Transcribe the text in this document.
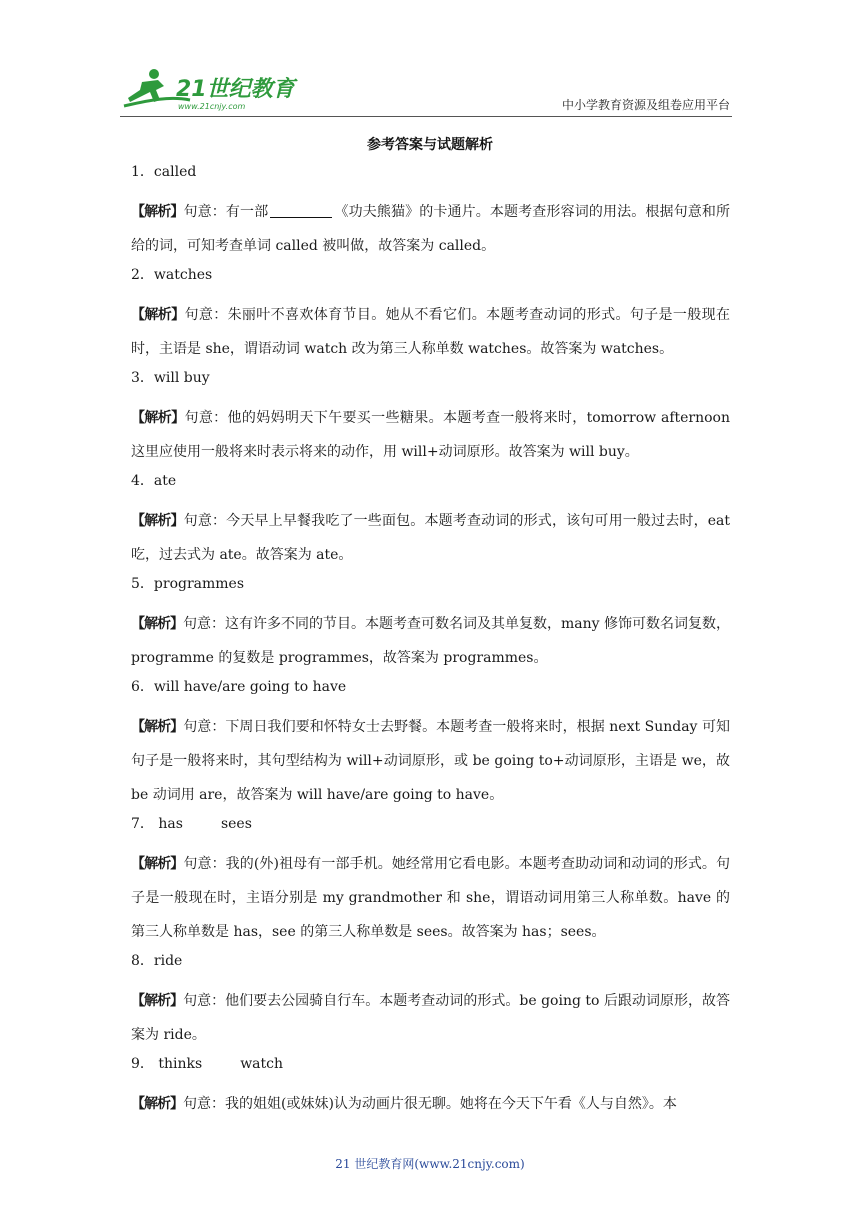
21世纪教育
www.21cnjy.com	中小学教育资源及组卷应用平台
参考答案与试题解析
1．called
【解析】句意：有一部	《功夫熊猫》的卡通片。本题考查形容词的用法。根据句意和所给的词，可知考查单词 called 被叫做，故答案为 called。
2．watches
【解析】句意：朱丽叶不喜欢体育节目。她从不看它们。本题考查动词的形式。句子是一般现在时，主语是 she，谓语动词 watch 改为第三人称单数 watches。故答案为 watches。
3．will buy
【解析】句意：他的妈妈明天下午要买一些糖果。本题考查一般将来时，tomorrow afternoon 这里应使用一般将来时表示将来的动作，用 will+动词原形。故答案为 will buy。
4．ate
【解析】句意：今天早上早餐我吃了一些面包。本题考查动词的形式，该句可用一般过去时，eat 吃，过去式为 ate。故答案为 ate。
5．programmes
【解析】句意：这有许多不同的节目。本题考查可数名词及其单复数，many 修饰可数名词复数，programme 的复数是 programmes，故答案为 programmes。
6．will have/are going to have
【解析】句意：下周日我们要和怀特女士去野餐。本题考查一般将来时，根据 next Sunday 可知句子是一般将来时，其句型结构为 will+动词原形，或 be going to+动词原形，主语是 we，故 be 动词用 are，故答案为 will have/are going to have。
7． has	sees
【解析】句意：我的(外)祖母有一部手机。她经常用它看电影。本题考查助动词和动词的形式。句子是一般现在时，主语分别是 my grandmother 和 she，谓语动词用第三人称单数。have 的第三人称单数是 has，see 的第三人称单数是 sees。故答案为 has；sees。
8．ride
【解析】句意：他们要去公园骑自行车。本题考查动词的形式。be going to 后跟动词原形，故答案为 ride。
9． thinks	watch
【解析】句意：我的姐姐(或妹妹)认为动画片很无聊。她将在今天下午看《人与自然》。本
21 世纪教育网(www.21cnjy.com)
